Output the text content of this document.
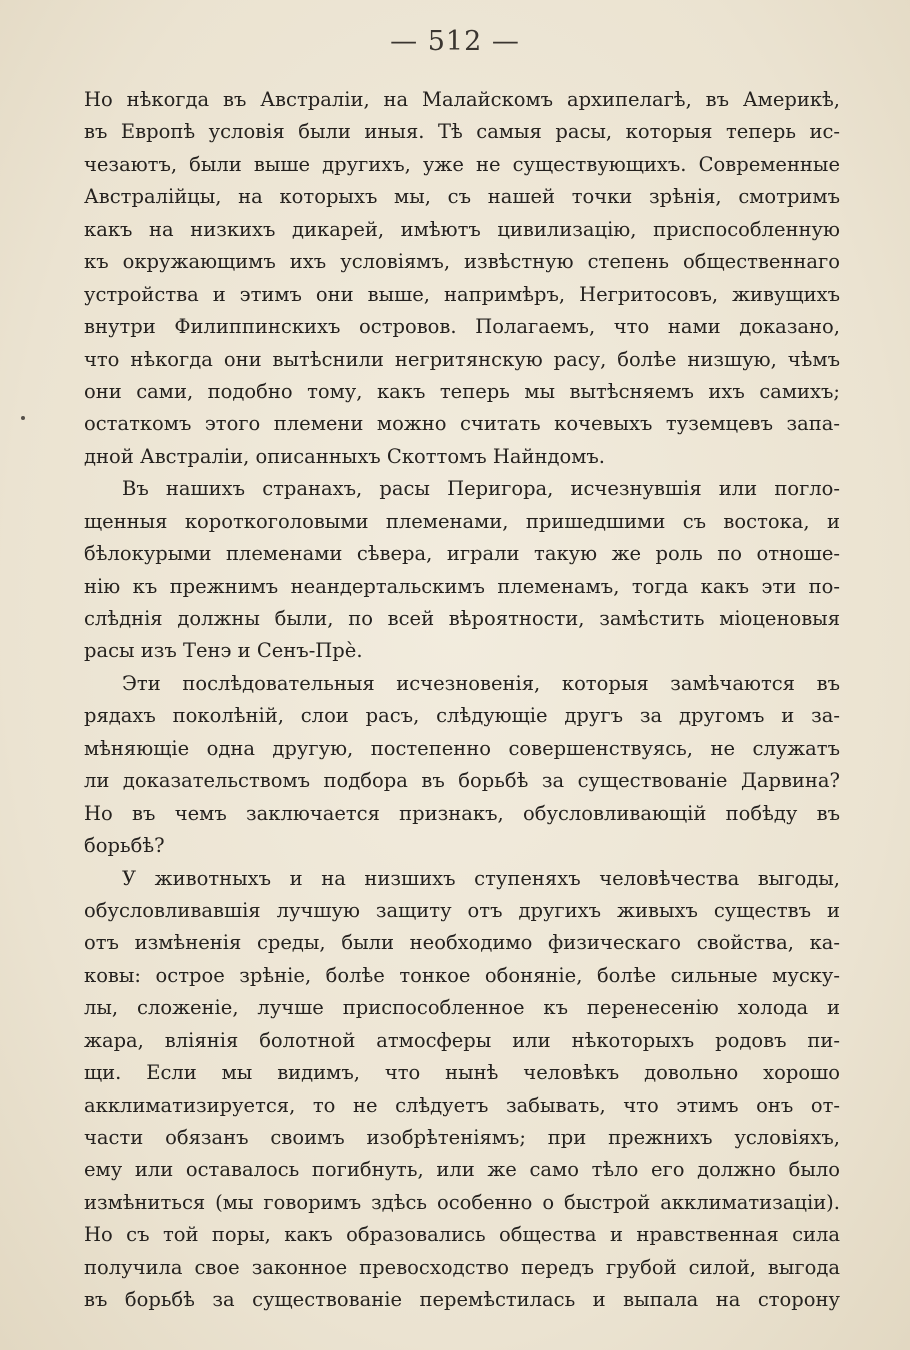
— 512 —

Но нѣкогда въ Австраліи, на Малайскомъ архипелагѣ, въ Америкѣ,
въ Европѣ условія были иныя. Тѣ самыя расы, которыя теперь ис-
чезаютъ, были выше другихъ, уже не существующихъ. Современные
Австралійцы, на которыхъ мы, съ нашей точки зрѣнія, смотримъ
какъ на низкихъ дикарей, имѣютъ цивилизацію, приспособленную
къ окружающимъ ихъ условіямъ, извѣстную степень общественнаго
устройства и этимъ они выше, напримѣръ, Негритосовъ, живущихъ
внутри Филиппинскихъ островов. Полагаемъ, что нами доказано,
что нѣкогда они вытѣснили негритянскую расу, болѣе низшую, чѣмъ
они сами, подобно тому, какъ теперь мы вытѣсняемъ ихъ самихъ;
остаткомъ этого племени можно считать кочевыхъ туземцевъ запа-
дной Австраліи, описанныхъ Скоттомъ Найндомъ.
Въ нашихъ странахъ, расы Перигора, исчезнувшія или погло-
щенныя короткоголовыми племенами, пришедшими съ востока, и
бѣлокурыми племенами сѣвера, играли такую же роль по отноше-
нію къ прежнимъ неандертальскимъ племенамъ, тогда какъ эти по-
слѣднія должны были, по всей вѣроятности, замѣстить міоценовыя
расы изъ Тенэ и Сенъ-Прè.
Эти послѣдовательныя исчезновенія, которыя замѣчаются въ
рядахъ поколѣній, слои расъ, слѣдующіе другъ за другомъ и за-
мѣняющіе одна другую, постепенно совершенствуясь, не служатъ
ли доказательствомъ подбора въ борьбѣ за существованіе Дарвина?
Но въ чемъ заключается признакъ, обусловливающій побѣду въ
борьбѣ?
У животныхъ и на низшихъ ступеняхъ человѣчества выгоды,
обусловливавшія лучшую защиту отъ другихъ живыхъ существъ и
отъ измѣненія среды, были необходимо физическаго свойства, ка-
ковы: острое зрѣніе, болѣе тонкое обоняніе, болѣе сильные муску-
лы, сложеніе, лучше приспособленное къ перенесенію холода и
жара, вліянія болотной атмосферы или нѣкоторыхъ родовъ пи-
щи. Если мы видимъ, что нынѣ человѣкъ довольно хорошо
акклиматизируется, то не слѣдуетъ забывать, что этимъ онъ от-
части обязанъ своимъ изобрѣтеніямъ; при прежнихъ условіяхъ,
ему или оставалось погибнуть, или же само тѣло его должно было
измѣниться (мы говоримъ здѣсь особенно о быстрой акклиматизаціи).
Но съ той поры, какъ образовались общества и нравственная сила
получила свое законное превосходство передъ грубой силой, выгода
въ борьбѣ за существованіе перемѣстилась и выпала на сторону
